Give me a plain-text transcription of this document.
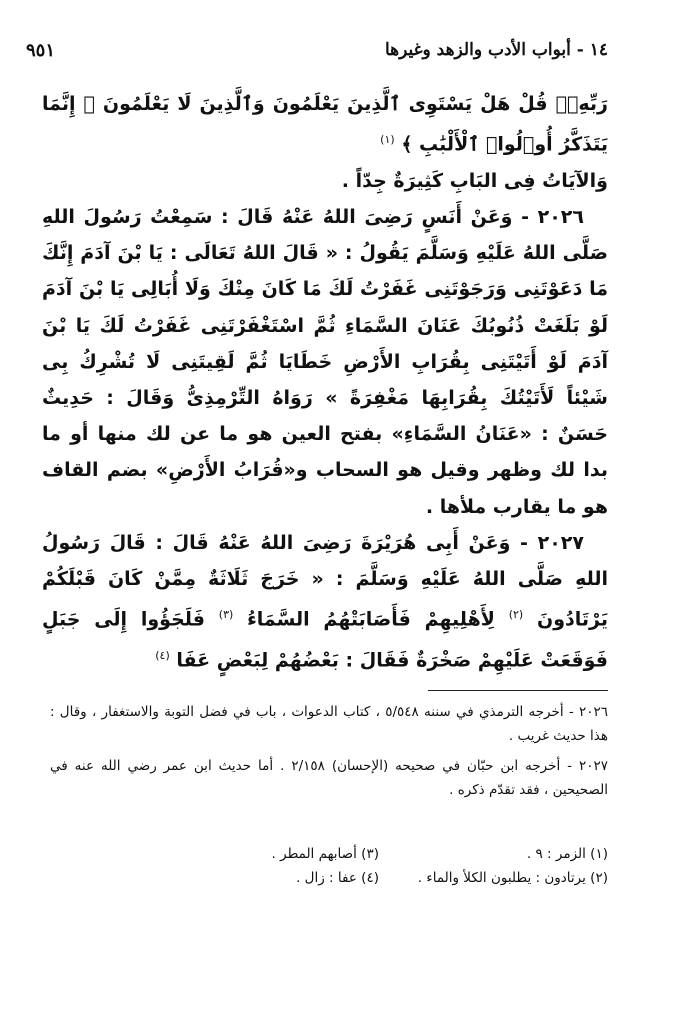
١٤ - أبواب الأدب والزهد وغيرها
٩٥١

رَبِّهِۦۗ قُلْ هَلْ يَسْتَوِى ٱلَّذِينَ يَعْلَمُونَ وَٱلَّذِينَ لَا يَعْلَمُونَ ۗ إِنَّمَا يَتَذَكَّرُ أُو۟لُوا۟ ٱلْأَلْبَٰبِ ﴾ $^{(١)}$

وَالآيَاتُ فِى البَابِ كَثِيرَةٌ جِدّاً .

٢٠٢٦ - وَعَنْ أَنَسٍ رَضِىَ اللهُ عَنْهُ قَالَ : سَمِعْتُ رَسُولَ اللهِ صَلَّى اللهُ عَلَيْهِ وَسَلَّمَ يَقُولُ : « قَالَ اللهُ تَعَالَى : يَا بْنَ آدَمَ إِنَّكَ مَا دَعَوْتَنِى وَرَجَوْتَنِى غَفَرْتُ لَكَ مَا كَانَ مِنْكَ وَلَا أُبَالِى يَا بْنَ آدَمَ لَوْ بَلَغَتْ ذُنُوبُكَ عَنَانَ السَّمَاءِ ثُمَّ اسْتَغْفَرْتَنِى غَفَرْتُ لَكَ يَا بْنَ آدَمَ لَوْ أَتَيْتَنِى بِقُرَابِ الأَرْضِ خَطَايَا ثُمَّ لَقِيتَنِى لَا تُشْرِكُ بِى شَيْئاً لَأَتَيْتُكَ بِقُرَابِهَا مَغْفِرَةً » رَوَاهُ التِّرْمِذِىُّ وَقَالَ : حَدِيثٌ حَسَنٌ : «عَنَانُ السَّمَاءِ» بفتح العين هو ما عن لك منها أو ما بدا لك وظهر وقيل هو السحاب و«قُرَابُ الأَرْضِ» بضم القاف هو ما يقارب ملأها .

٢٠٢٧ - وَعَنْ أَبِى هُرَيْرَةَ رَضِىَ اللهُ عَنْهُ قَالَ : قَالَ رَسُولُ اللهِ صَلَّى اللهُ عَلَيْهِ وَسَلَّمَ : « خَرَجَ ثَلَاثَةٌ مِمَّنْ كَانَ قَبْلَكُمْ يَرْتَادُونَ $^{(٢)}$ لِأَهْلِيهِمْ فَأَصَابَتْهُمُ السَّمَاءُ $^{(٣)}$ فَلَجَؤُوا إِلَى جَبَلٍ فَوَقَعَتْ عَلَيْهِمْ صَخْرَةٌ فَقَالَ : بَعْضُهُمْ لِبَعْضٍ عَفَا $^{(٤)}$

٢٠٢٦ - أخرجه الترمذي في سننه ٥/٥٤٨ ، كتاب الدعوات ، باب في فضل التوبة والاستغفار ، وقال : هذا حديث غريب .

٢٠٢٧ - أخرجه ابن حبّان في صحيحه (الإحسان) ٢/١٥٨ . أما حديث ابن عمر رضي الله عنه في الصحيحين ، فقد تقدّم ذكره .

(١) الزمر : ٩ .
(٣) أصابهم المطر .
(٢) يرتادون : يطلبون الكلأ والماء .
(٤) عفا : زال .
